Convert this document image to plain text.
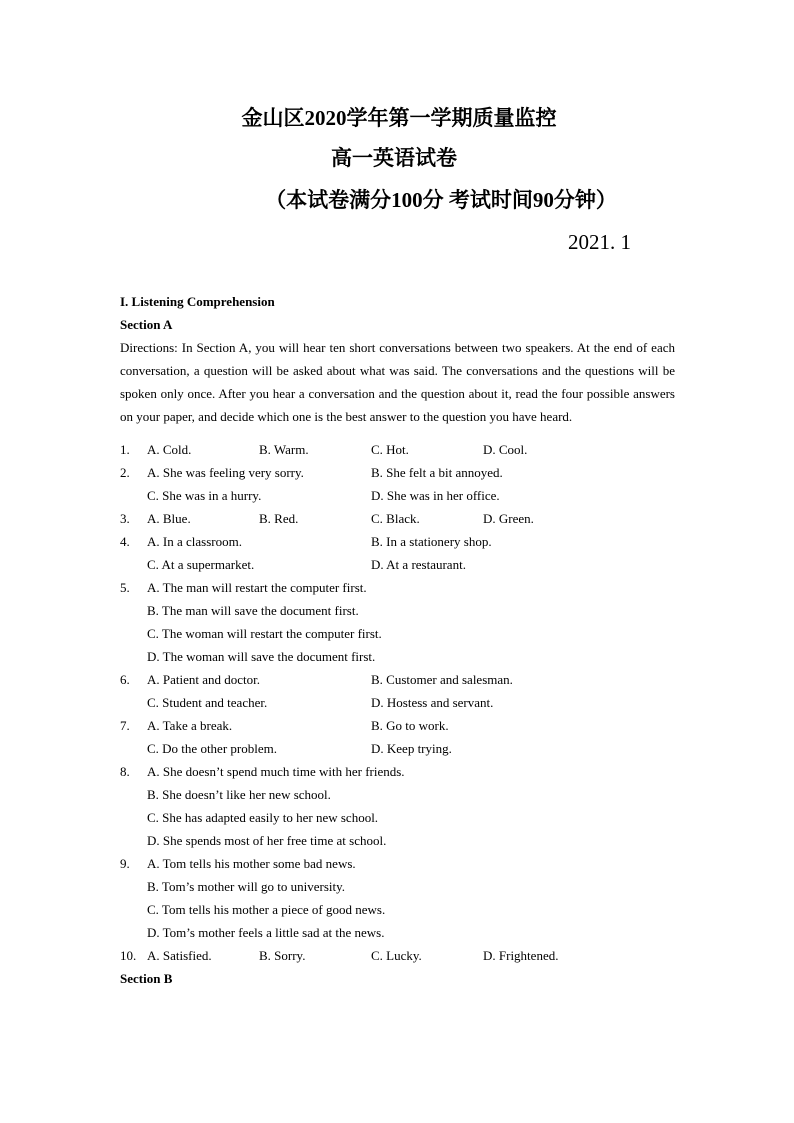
金山区2020学年第一学期质量监控
高一英语试卷
（本试卷满分100分 考试时间90分钟）
2021. 1
I. Listening Comprehension
Section A
Directions: In Section A, you will hear ten short conversations between two speakers. At the end of each conversation, a question will be asked about what was said. The conversations and the questions will be spoken only once. After you hear a conversation and the question about it, read the four possible answers on your paper, and decide which one is the best answer to the question you have heard.
1. A. Cold.	B. Warm.	C. Hot.	D. Cool.
2. A. She was feeling very sorry.	B. She felt a bit annoyed.
C. She was in a hurry.	D. She was in her office.
3. A. Blue.	B. Red.	C. Black.	D. Green.
4. A. In a classroom.	B. In a stationery shop.
C. At a supermarket.	D. At a restaurant.
5. A. The man will restart the computer first.
B. The man will save the document first.
C. The woman will restart the computer first.
D. The woman will save the document first.
6. A. Patient and doctor.	B. Customer and salesman.
C. Student and teacher.	D. Hostess and servant.
7. A. Take a break.	B. Go to work.
C. Do the other problem.	D. Keep trying.
8. A. She doesn’t spend much time with her friends.
B. She doesn’t like her new school.
C. She has adapted easily to her new school.
D. She spends most of her free time at school.
9. A. Tom tells his mother some bad news.
B. Tom’s mother will go to university.
C. Tom tells his mother a piece of good news.
D. Tom’s mother feels a little sad at the news.
10. A. Satisfied.	B. Sorry.	C. Lucky.	D. Frightened.
Section B
